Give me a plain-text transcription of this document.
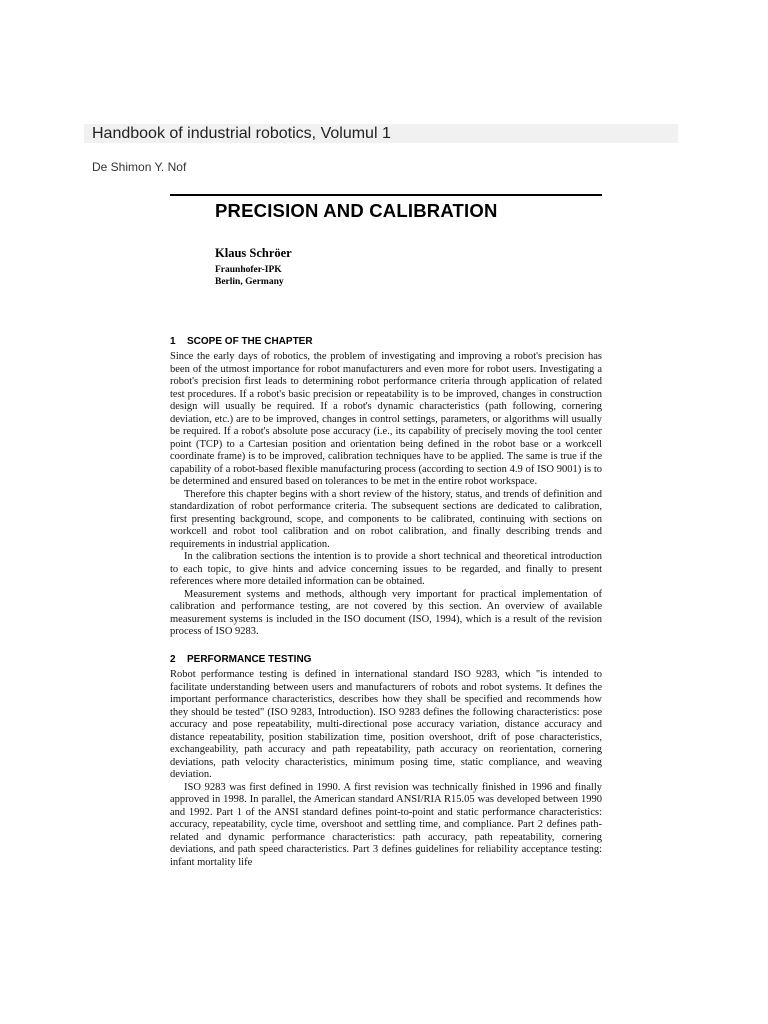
Handbook of industrial robotics, Volumul 1
De Shimon Y. Nof
PRECISION AND CALIBRATION
Klaus Schröer
Fraunhofer-IPK
Berlin, Germany
1 SCOPE OF THE CHAPTER

Since the early days of robotics, the problem of investigating and improving a robot's precision has been of the utmost importance for robot manufacturers and even more for robot users. Investigating a robot's precision first leads to determining robot performance criteria through application of related test procedures. If a robot's basic precision or repeatability is to be improved, changes in construction design will usually be required. If a robot's dynamic characteristics (path following, cornering deviation, etc.) are to be improved, changes in control settings, parameters, or algorithms will usually be required. If a robot's absolute pose accuracy (i.e., its capability of precisely moving the tool center point (TCP) to a Cartesian position and orientation being defined in the robot base or a workcell coordinate frame) is to be improved, calibration techniques have to be applied. The same is true if the capability of a robot-based flexible manufacturing process (according to section 4.9 of ISO 9001) is to be determined and ensured based on tolerances to be met in the entire robot workspace.

Therefore this chapter begins with a short review of the history, status, and trends of definition and standardization of robot performance criteria. The subsequent sections are dedicated to calibration, first presenting background, scope, and components to be calibrated, continuing with sections on workcell and robot tool calibration and on robot calibration, and finally describing trends and requirements in industrial application.

In the calibration sections the intention is to provide a short technical and theoretical introduction to each topic, to give hints and advice concerning issues to be regarded, and finally to present references where more detailed information can be obtained.

Measurement systems and methods, although very important for practical implementation of calibration and performance testing, are not covered by this section. An overview of available measurement systems is included in the ISO document (ISO, 1994), which is a result of the revision process of ISO 9283.

2 PERFORMANCE TESTING

Robot performance testing is defined in international standard ISO 9283, which "is intended to facilitate understanding between users and manufacturers of robots and robot systems. It defines the important performance characteristics, describes how they shall be specified and recommends how they should be tested" (ISO 9283, Introduction). ISO 9283 defines the following characteristics: pose accuracy and pose repeatability, multi-directional pose accuracy variation, distance accuracy and distance repeatability, position stabilization time, position overshoot, drift of pose characteristics, exchangeability, path accuracy and path repeatability, path accuracy on reorientation, cornering deviations, path velocity characteristics, minimum posing time, static compliance, and weaving deviation.

ISO 9283 was first defined in 1990. A first revision was technically finished in 1996 and finally approved in 1998. In parallel, the American standard ANSI/RIA R15.05 was developed between 1990 and 1992. Part 1 of the ANSI standard defines point-to-point and static performance characteristics: accuracy, repeatability, cycle time, overshoot and settling time, and compliance. Part 2 defines path-related and dynamic performance characteristics: path accuracy, path repeatability, cornering deviations, and path speed characteristics. Part 3 defines guidelines for reliability acceptance testing: infant mortality life
